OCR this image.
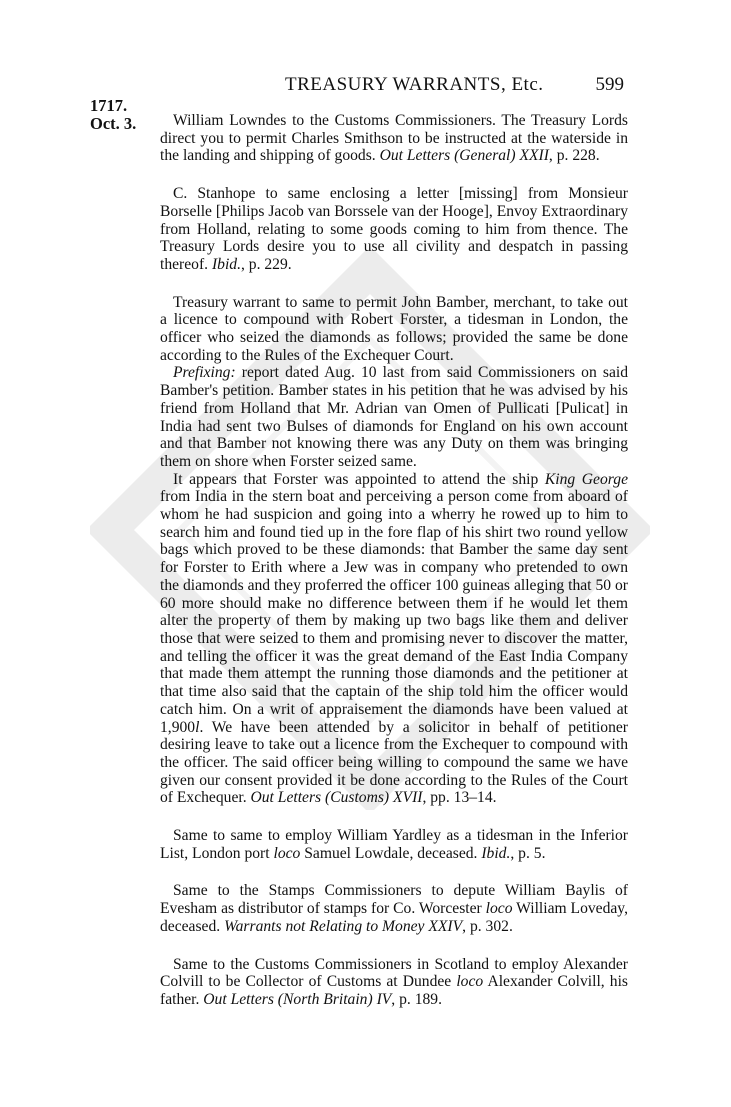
TREASURY WARRANTS, Etc.	599
1717.
Oct. 3.	William Lowndes to the Customs Commissioners. The Treasury Lords direct you to permit Charles Smithson to be instructed at the waterside in the landing and shipping of goods. Out Letters (General) XXII, p. 228.

C. Stanhope to same enclosing a letter [missing] from Monsieur Borselle [Philips Jacob van Borssele van der Hooge], Envoy Extraordinary from Holland, relating to some goods coming to him from thence. The Treasury Lords desire you to use all civility and despatch in passing thereof. Ibid., p. 229.

Treasury warrant to same to permit John Bamber, merchant, to take out a licence to compound with Robert Forster, a tidesman in London, the officer who seized the diamonds as follows; provided the same be done according to the Rules of the Exchequer Court.

Prefixing: report dated Aug. 10 last from said Commissioners on said Bamber's petition. Bamber states in his petition that he was advised by his friend from Holland that Mr. Adrian van Omen of Pullicati [Pulicat] in India had sent two Bulses of diamonds for England on his own account and that Bamber not knowing there was any Duty on them was bringing them on shore when Forster seized same.

It appears that Forster was appointed to attend the ship King George from India in the stern boat and perceiving a person come from aboard of whom he had suspicion and going into a wherry he rowed up to him to search him and found tied up in the fore flap of his shirt two round yellow bags which proved to be these diamonds: that Bamber the same day sent for Forster to Erith where a Jew was in company who pretended to own the diamonds and they proferred the officer 100 guineas alleging that 50 or 60 more should make no difference between them if he would let them alter the property of them by making up two bags like them and deliver those that were seized to them and promising never to discover the matter, and telling the officer it was the great demand of the East India Company that made them attempt the running those diamonds and the petitioner at that time also said that the captain of the ship told him the officer would catch him. On a writ of appraisement the diamonds have been valued at 1,900l. We have been attended by a solicitor in behalf of petitioner desiring leave to take out a licence from the Exchequer to compound with the officer. The said officer being willing to compound the same we have given our consent provided it be done according to the Rules of the Court of Exchequer. Out Letters (Customs) XVII, pp. 13–14.

Same to same to employ William Yardley as a tidesman in the Inferior List, London port loco Samuel Lowdale, deceased. Ibid., p. 5.

Same to the Stamps Commissioners to depute William Baylis of Evesham as distributor of stamps for Co. Worcester loco William Loveday, deceased. Warrants not Relating to Money XXIV, p. 302.

Same to the Customs Commissioners in Scotland to employ Alexander Colvill to be Collector of Customs at Dundee loco Alexander Colvill, his father. Out Letters (North Britain) IV, p. 189.
